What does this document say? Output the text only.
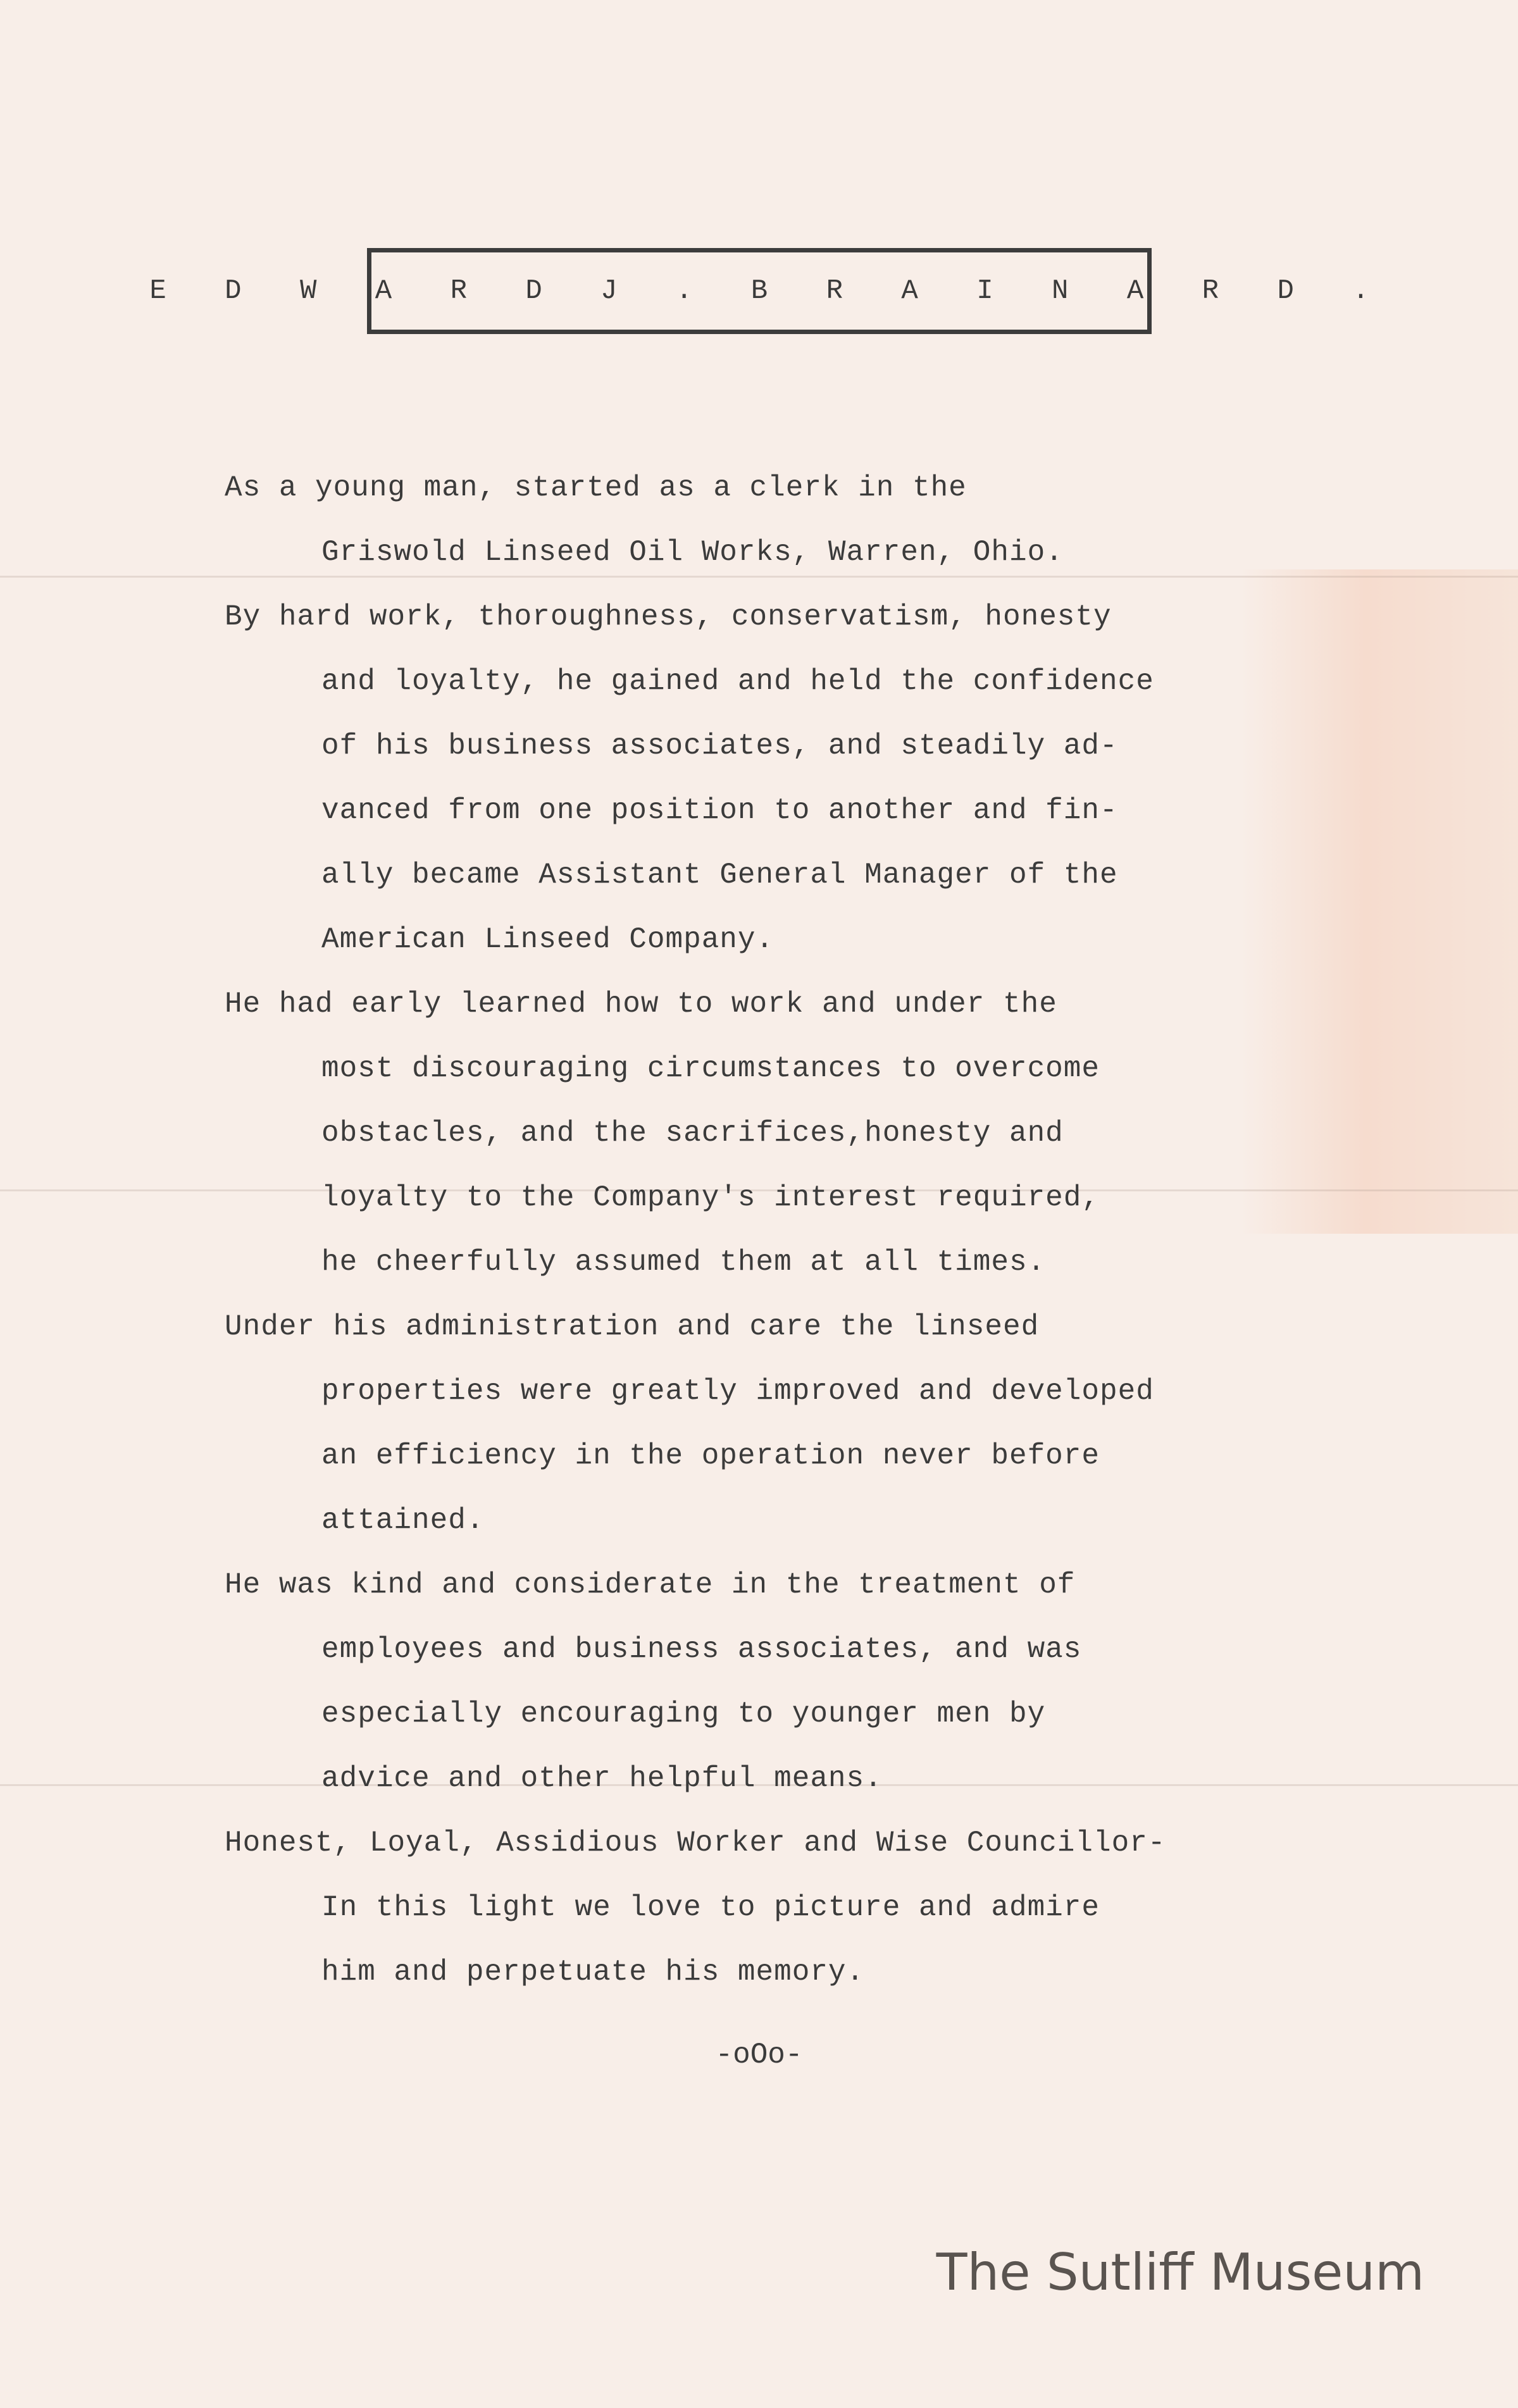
E D W A R D J . B R A I N A R D .
As a young man, started as a clerk in the
Griswold Linseed Oil Works, Warren, Ohio.
By hard work, thoroughness, conservatism, honesty
and loyalty, he gained and held the confidence
of his business associates, and steadily ad-
vanced from one position to another and fin-
ally became Assistant General Manager of the
American Linseed Company.
He had early learned how to work and under the
most discouraging circumstances to overcome
obstacles, and the sacrifices,honesty and
loyalty to the Company's interest required,
he cheerfully assumed them at all times.
Under his administration and care the linseed
properties were greatly improved and developed
an efficiency in the operation never before
attained.
He was kind and considerate in the treatment of
employees and business associates, and was
especially encouraging to younger men by
advice and other helpful means.
Honest, Loyal, Assidious Worker and Wise Councillor-
In this light we love to picture and admire
him and perpetuate his memory.
-oOo-
The Sutliff Museum
